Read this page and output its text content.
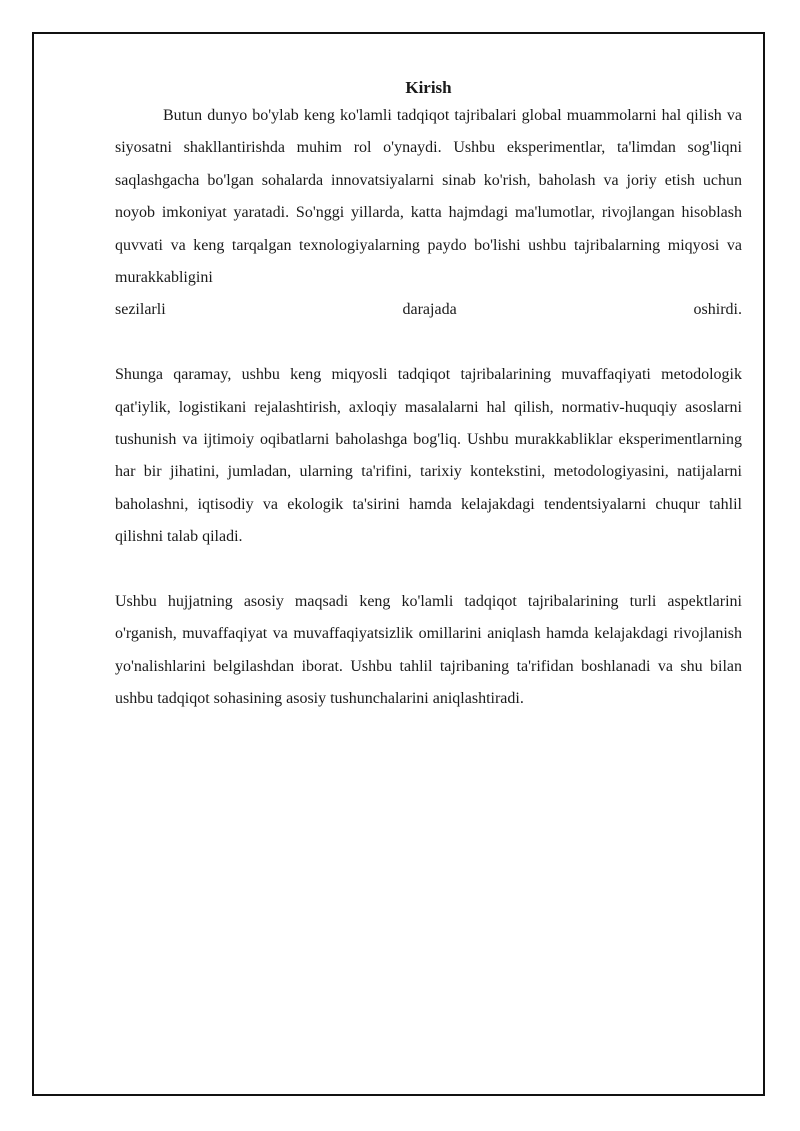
Kirish

Butun dunyo bo'ylab keng ko'lamli tadqiqot tajribalari global muammolarni hal qilish va siyosatni shakllantirishda muhim rol o'ynaydi. Ushbu eksperimentlar, ta'limdan sog'liqni saqlashgacha bo'lgan sohalarda innovatsiyalarni sinab ko'rish, baholash va joriy etish uchun noyob imkoniyat yaratadi. So'nggi yillarda, katta hajmdagi ma'lumotlar, rivojlangan hisoblash quvvati va keng tarqalgan texnologiyalarning paydo bo'lishi ushbu tajribalarning miqyosi va murakkabligini

sezilarli	darajada	oshirdi.

Shunga qaramay, ushbu keng miqyosli tadqiqot tajribalarining muvaffaqiyati metodologik qat'iylik, logistikani rejalashtirish, axloqiy masalalarni hal qilish, normativ-huquqiy asoslarni tushunish va ijtimoiy oqibatlarni baholashga bog'liq. Ushbu murakkabliklar eksperimentlarning har bir jihatini, jumladan, ularning ta'rifini, tarixiy kontekstini, metodologiyasini, natijalarni baholashni, iqtisodiy va ekologik ta'sirini hamda kelajakdagi tendentsiyalarni chuqur tahlil qilishni talab qiladi.

Ushbu hujjatning asosiy maqsadi keng ko'lamli tadqiqot tajribalarining turli aspektlarini o'rganish, muvaffaqiyat va muvaffaqiyatsizlik omillarini aniqlash hamda kelajakdagi rivojlanish yo'nalishlarini belgilashdan iborat. Ushbu tahlil tajribaning ta'rifidan boshlanadi va shu bilan ushbu tadqiqot sohasining asosiy tushunchalarini aniqlashtiradi.
